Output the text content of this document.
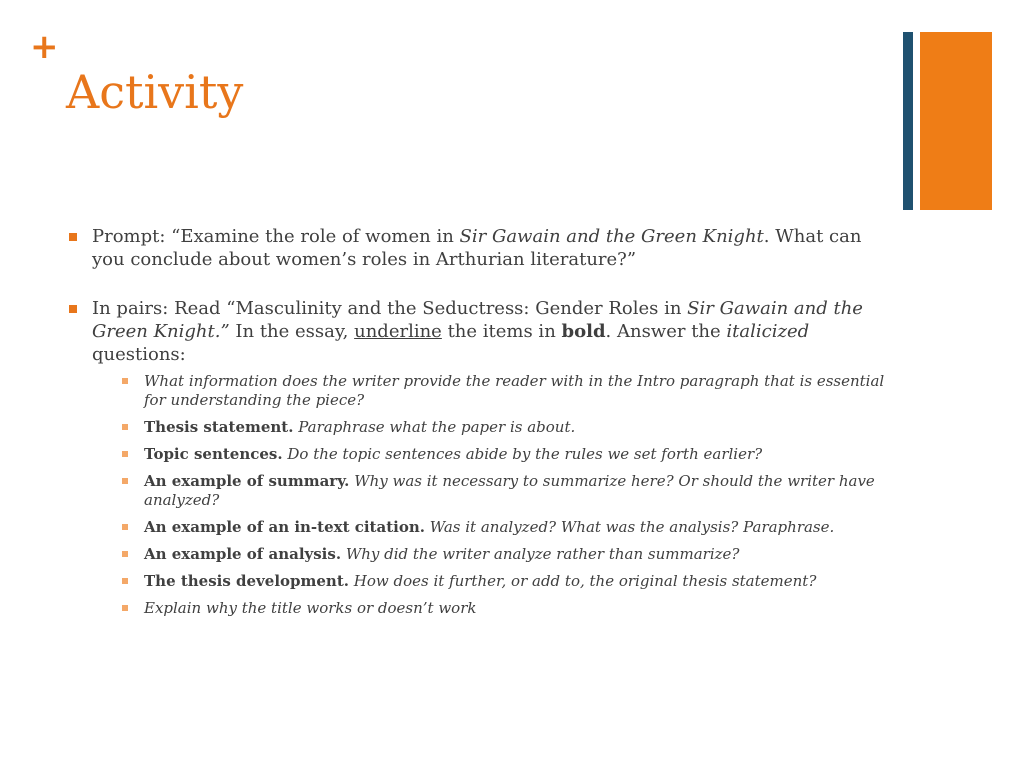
+
Activity
Prompt: “Examine the role of women in Sir Gawain and the Green Knight. What can you conclude about women’s roles in Arthurian literature?”
In pairs: Read “Masculinity and the Seductress: Gender Roles in Sir Gawain and the Green Knight.” In the essay, underline the items in bold. Answer the italicized questions:
What information does the writer provide the reader with in the Intro paragraph that is essential for understanding the piece?
Thesis statement. Paraphrase what the paper is about.
Topic sentences. Do the topic sentences abide by the rules we set forth earlier?
An example of summary. Why was it necessary to summarize here? Or should the writer have analyzed?
An example of an in-text citation. Was it analyzed? What was the analysis? Paraphrase.
An example of analysis. Why did the writer analyze rather than summarize?
The thesis development. How does it further, or add to, the original thesis statement?
Explain why the title works or doesn’t work
